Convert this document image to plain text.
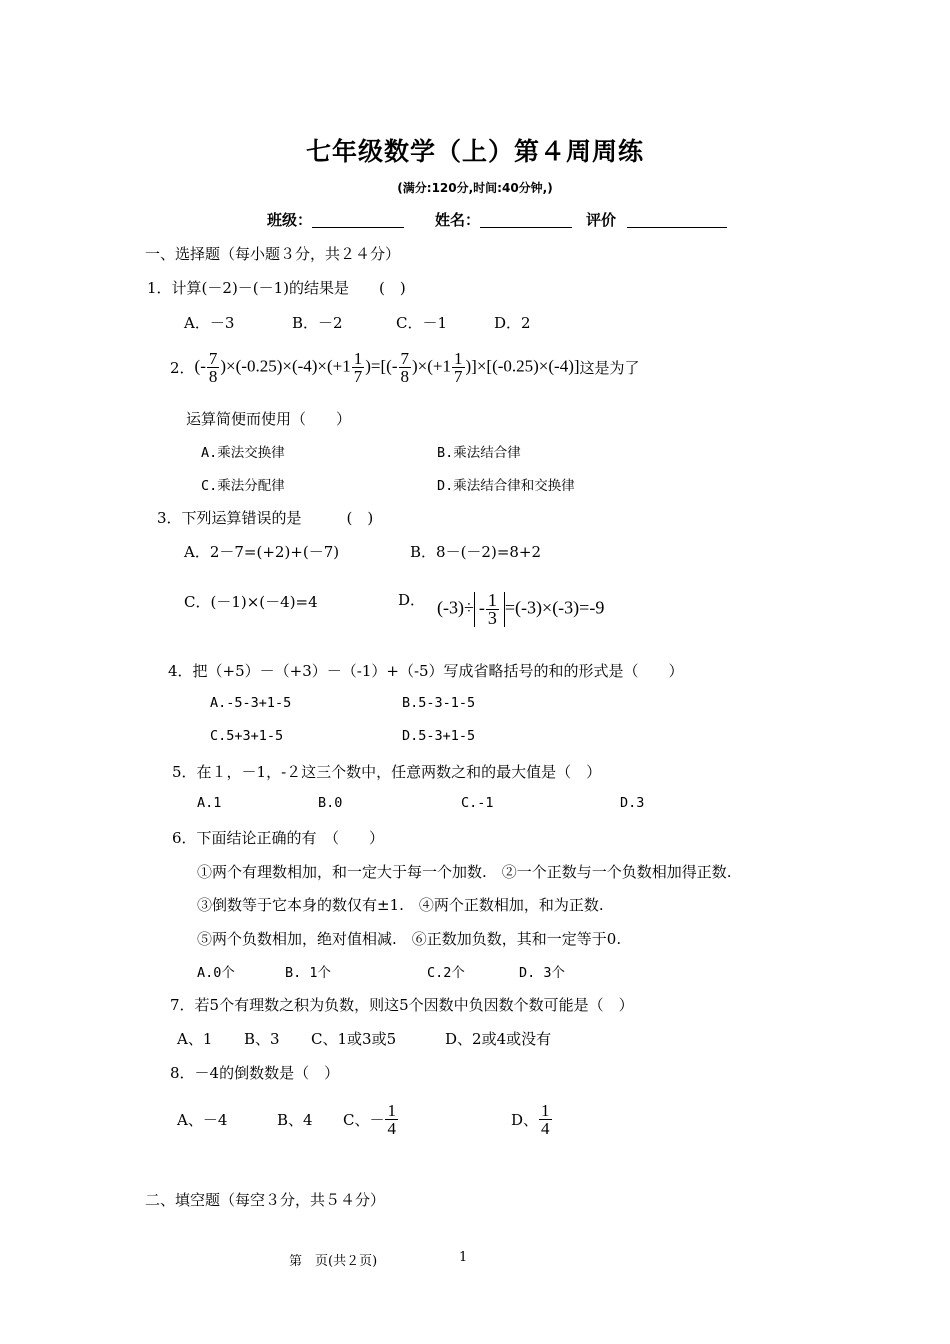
七年级数学（上）第４周周练
(满分:120分,时间:40分钟,)
班级：	姓名：	评价
一、选择题（每小题３分，共２４分）
1．计算(－2)－(－1)的结果是　　(　)
A．－3	B．－2	C．－1	D．2
2． (- $\frac{7}{8} )\times(-0.25)\times(-4)\times(+1 \frac{1}{7}$ )=[(- $\frac{7}{8} )\times(+1 \frac{1}{7} )]\times[(-0.25)\times(-4)]$ 这是为了
运算简便而使用（　　）
A.乘法交换律	B.乘法结合律
C.乘法分配律	D.乘法结合律和交换律
3．下列运算错误的是　　　(　)
A．2－7=(+2)+(－7)	B．8－(－2)=8+2
C．(－1)×(－4)=4	D． $(-3)\div - \frac{1}{3} =(-3)\times(-3)=-9$
4．把（+5）－（+3）－（-1）+（-5）写成省略括号的和的形式是（　　）
A.-5-3+1-5	B.5-3-1-5
C.5+3+1-5	D.5-3+1-5
5．在１，－1，-２这三个数中，任意两数之和的最大值是（　）
A.1	B.0	C.-1	D.3
6．下面结论正确的有　（　　）
①两个有理数相加，和一定大于每一个加数.　②一个正数与一个负数相加得正数.
③倒数等于它本身的数仅有±1.　④两个正数相加，和为正数.
⑤两个负数相加，绝对值相减.　⑥正数加负数，其和一定等于0.
A.0个	B. 1个	C.2个	D. 3个
7．若5个有理数之积为负数，则这5个因数中负因数个数可能是（　）
A、1 B、3 C、1或3或5	D、2或4或没有
8．－4的倒数数是（　）
A、－4	B、4 C、－ $\frac{1}{4}$	D、 $\frac{1}{4}$
二、填空题（每空３分，共５４分）
第　页(共２页)	1
